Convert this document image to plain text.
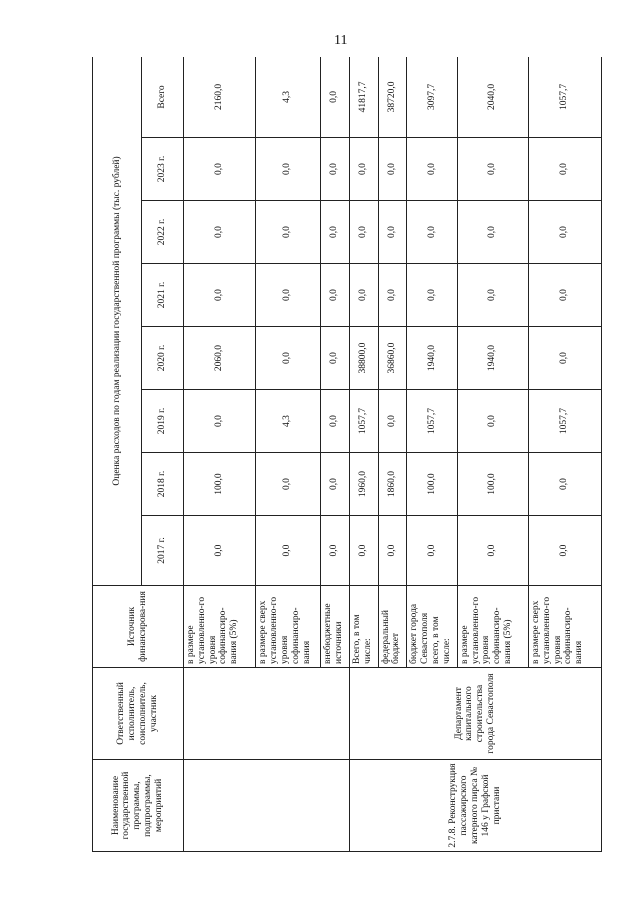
11
Наименование государственной программы, подпрограммы, мероприятий	Ответственный исполнитель, соисполнитель, участник	Источник финансирова-ния	Оценка расходов по годам реализации государственной программы (тыс. рублей)							
			2017 г.	2018 г.	2019 г.	2020 г.	2021 г.	2022 г.	2023 г.	Всего
		в размере установленно-го уровня софинансиро-вания (5%)	0,0	100,0	0,0	2060,0	0,0	0,0	0,0	2160,0
		в размере сверх установленно-го уровня софинансиро-вания	0,0	0,0	4,3	0,0	0,0	0,0	0,0	4,3
		внебюджетные источники	0,0	0,0	0,0	0,0	0,0	0,0	0,0	0,0
2.7.8. Реконструкция пассажирского катерного пирса № 146 у Графской пристани	Департамент капитального строительства города Севастополя	Всего, в том числе:	0,0	1960,0	1057,7	38800,0	0,0	0,0	0,0	41817,7
		федеральный бюджет	0,0	1860,0	0,0	36860,0	0,0	0,0	0,0	38720,0
		бюджет города Севастополя всего, в том числе:	0,0	100,0	1057,7	1940,0	0,0	0,0	0,0	3097,7
		в размере установленно-го уровня софинансиро-вания (5%)	0,0	100,0	0,0	1940,0	0,0	0,0	0,0	2040,0
		в размере сверх установленно-го уровня софинансиро-вания	0,0	0,0	1057,7	0,0	0,0	0,0	0,0	1057,7
